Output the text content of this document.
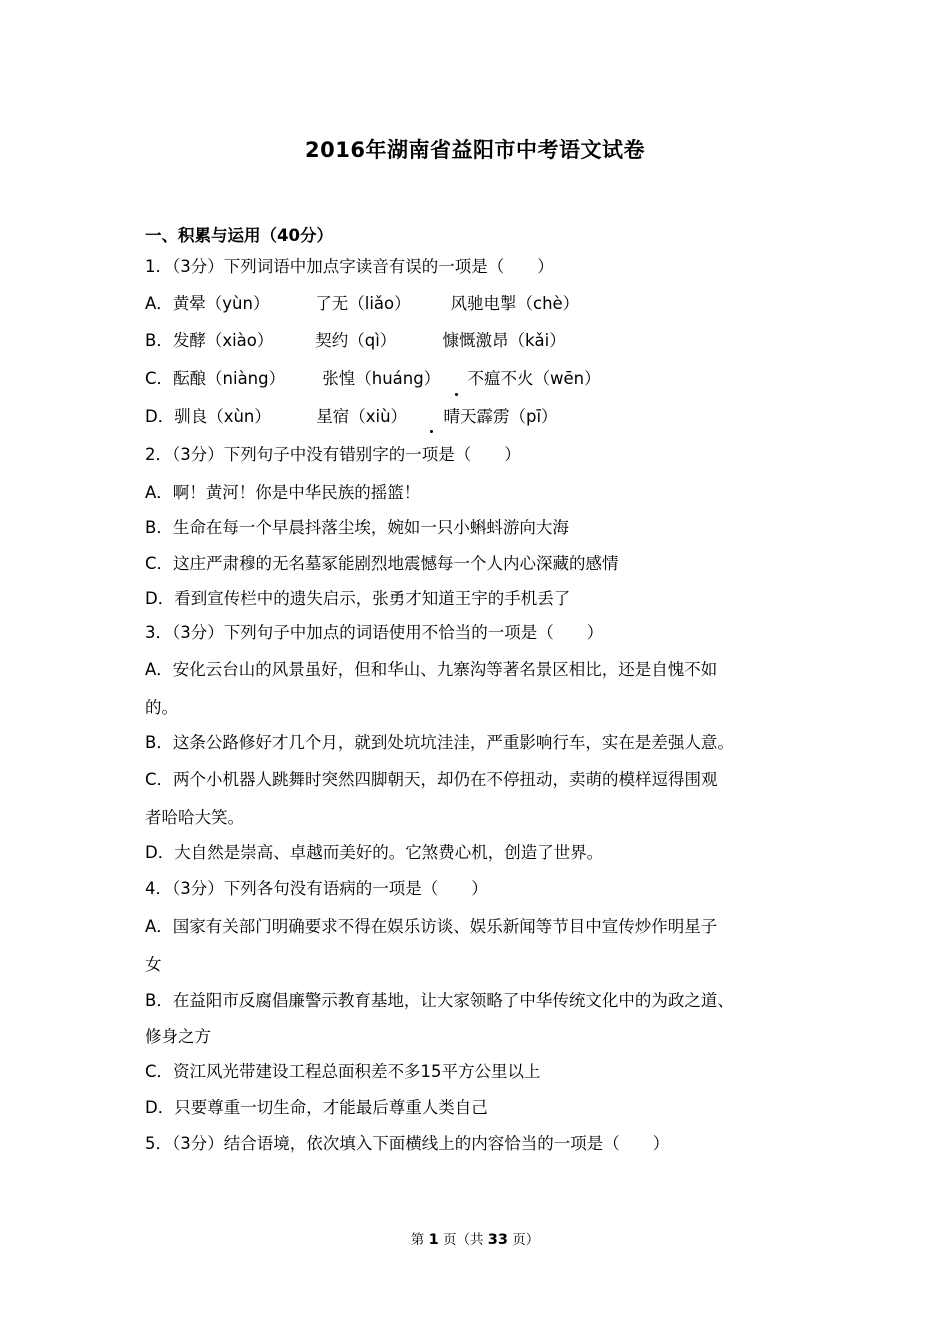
2016年湖南省益阳市中考语文试卷
一、积累与运用（40分）
1．（3分）下列词语中加点字读音有误的一项是（　　）
A．黄晕（yùn）	了无（liǎo） 风驰电掣（chè）
B．发酵（xiào）	契约（qì）	慷慨激昂（kǎi）
C．酝酿（niàng） 张惶（huáng） 不瘟不火（wēn）
D．驯良（xùn）	星宿（xiù） 晴天霹雳（pī）
2．（3分）下列句子中没有错别字的一项是（　　）
A．啊！黄河！你是中华民族的摇篮！
B．生命在每一个早晨抖落尘埃，婉如一只小蝌蚪游向大海
C．这庄严肃穆的无名墓冢能剧烈地震憾每一个人内心深藏的感情
D．看到宣传栏中的遗失启示，张勇才知道王宇的手机丢了
3．（3分）下列句子中加点的词语使用不恰当的一项是（　　）
A．安化云台山的风景虽好，但和华山、九寨沟等著名景区相比，还是自愧不如
的。
B．这条公路修好才几个月，就到处坑坑洼洼，严重影响行车，实在是差强人意。
C．两个小机器人跳舞时突然四脚朝天，却仍在不停扭动，卖萌的模样逗得围观
者哈哈大笑。
D．大自然是崇高、卓越而美好的。它煞费心机，创造了世界。
4．（3分）下列各句没有语病的一项是（　　）
A．国家有关部门明确要求不得在娱乐访谈、娱乐新闻等节目中宣传炒作明星子
女
B．在益阳市反腐倡廉警示教育基地，让大家领略了中华传统文化中的为政之道、
修身之方
C．资江风光带建设工程总面积差不多15平方公里以上
D．只要尊重一切生命，才能最后尊重人类自己
5．（3分）结合语境，依次填入下面横线上的内容恰当的一项是（　　）
第 1 页（共 33 页）
